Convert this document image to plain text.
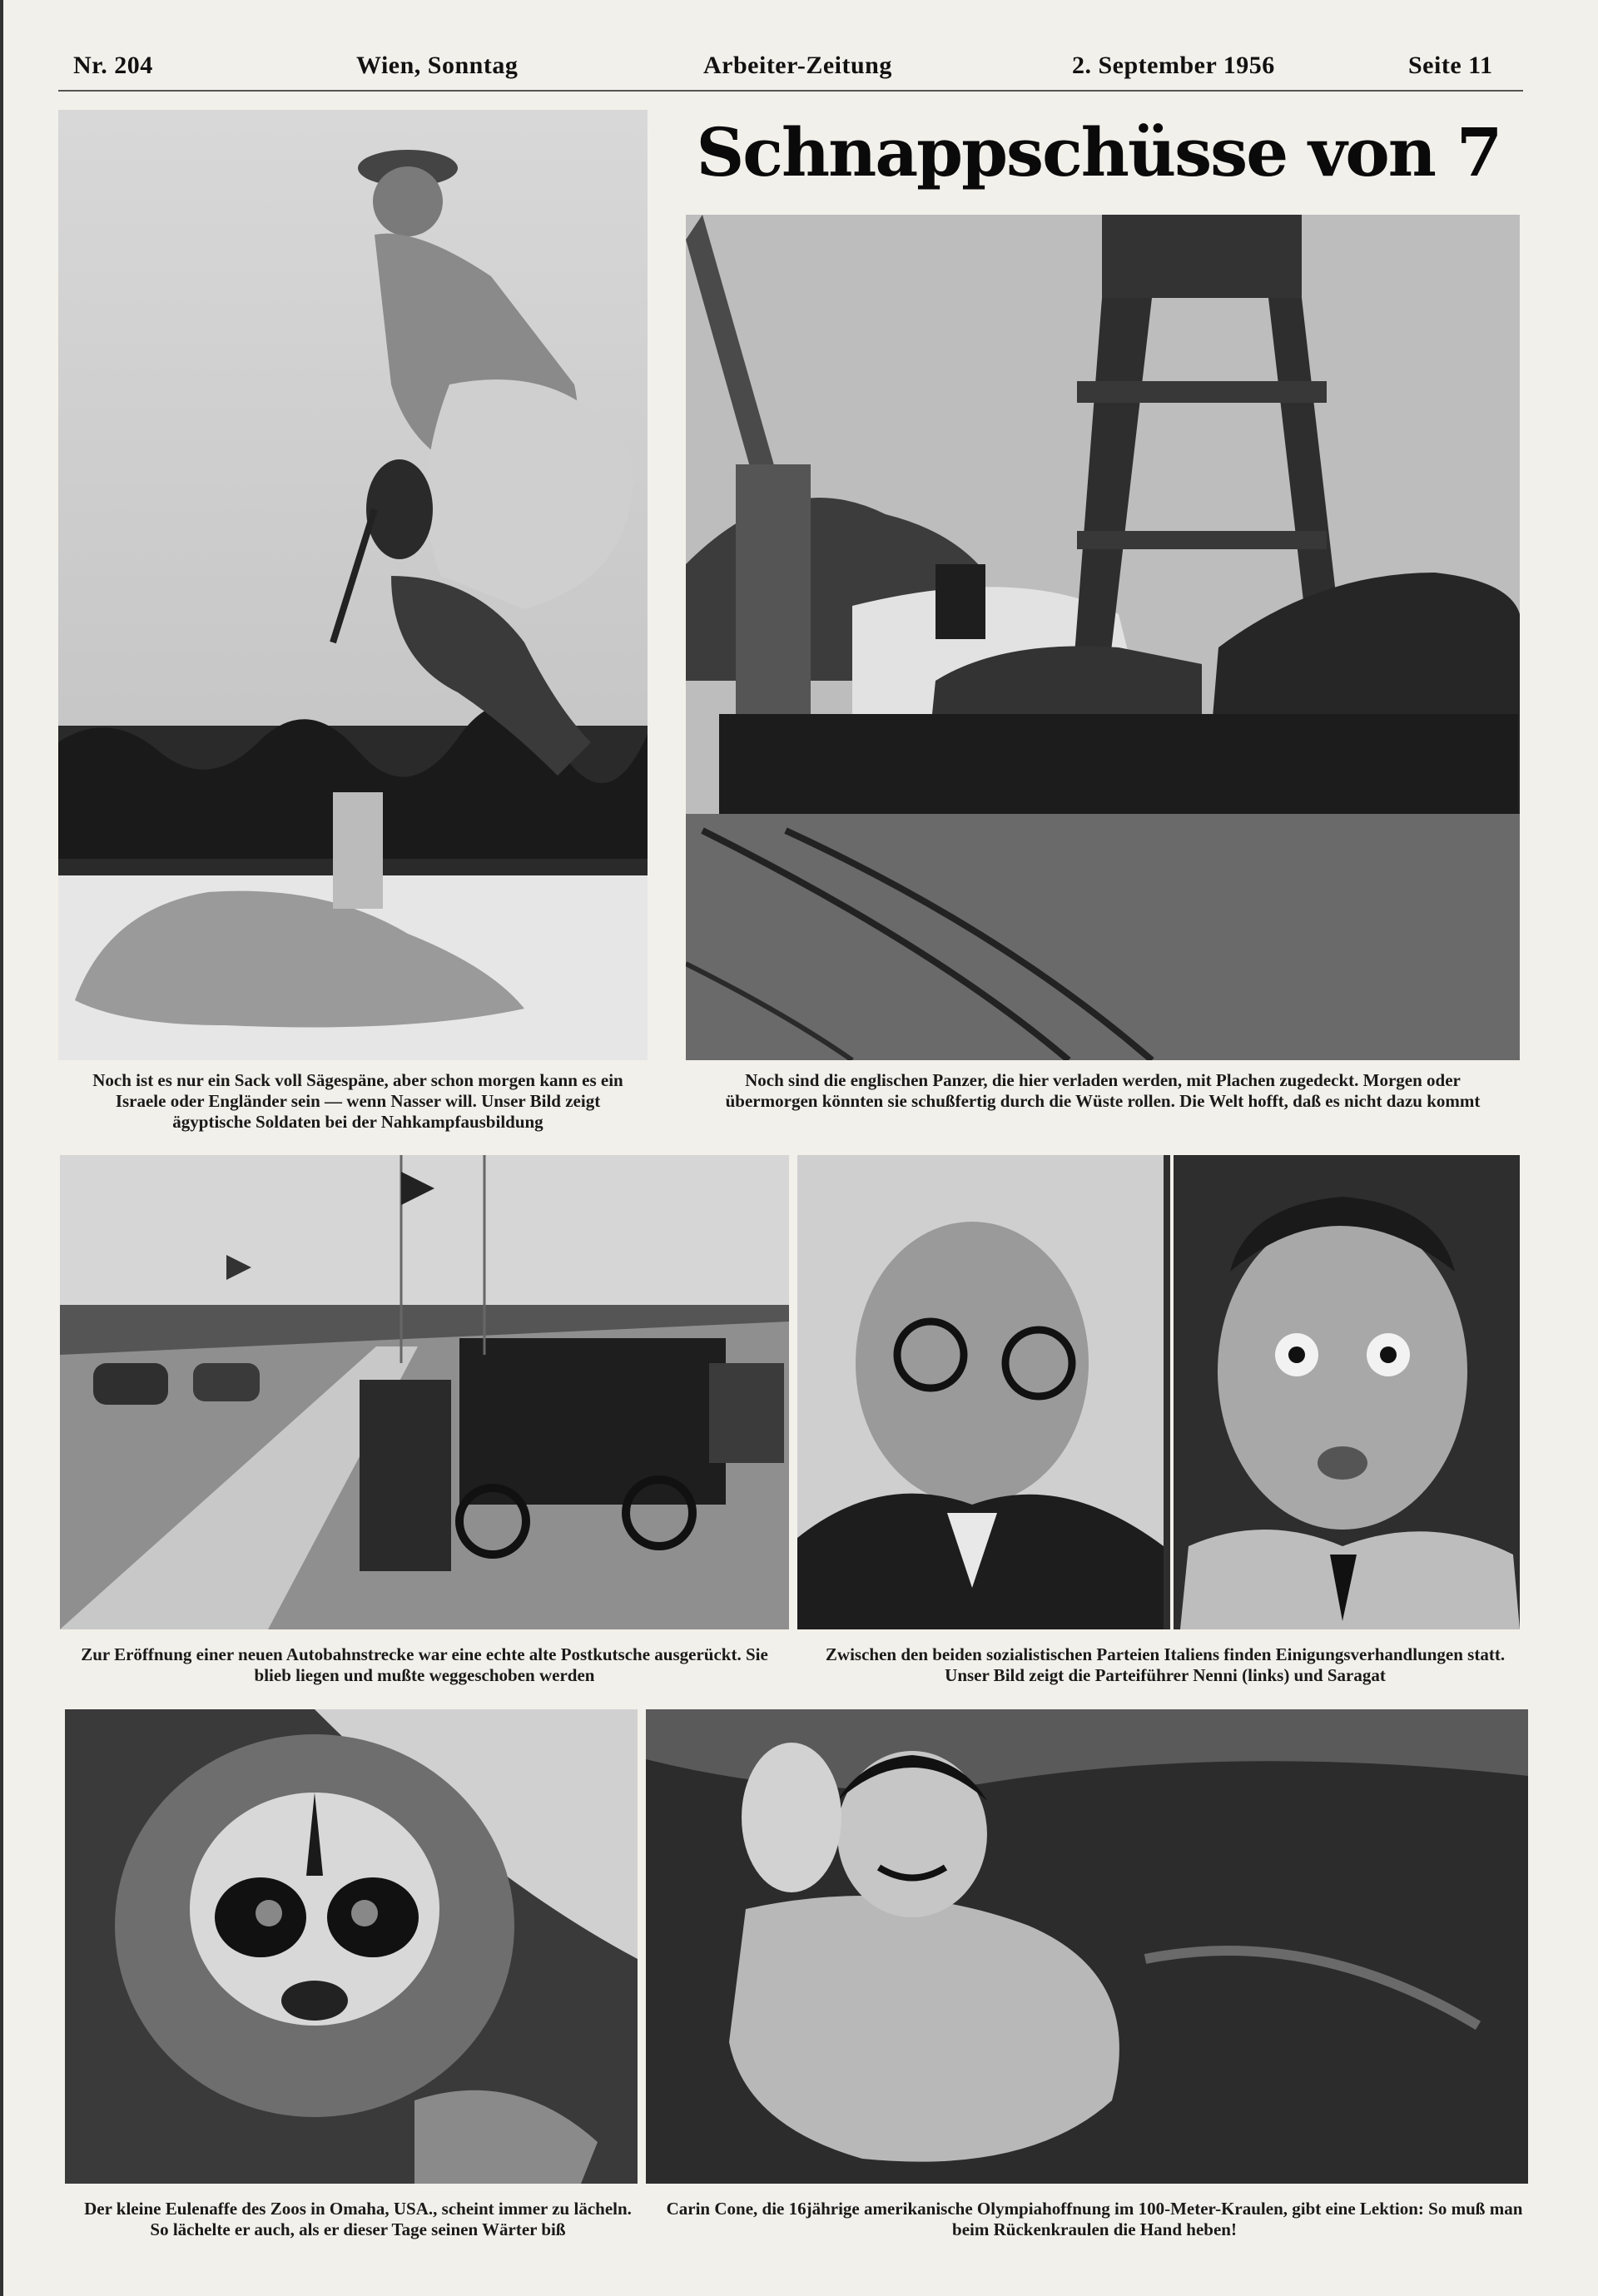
Nr. 204	Wien, Sonntag	Arbeiter-Zeitung	2. September 1956	Seite 11
Schnappschüsse von 7
Noch ist es nur ein Sack voll Sägespäne, aber schon morgen kann es ein Israele oder Engländer sein — wenn Nasser will. Unser Bild zeigt ägyptische Soldaten bei der Nahkampfausbildung
Noch sind die englischen Panzer, die hier verladen werden, mit Plachen zugedeckt. Morgen oder übermorgen könnten sie schußfertig durch die Wüste rollen. Die Welt hofft, daß es nicht dazu kommt
Zur Eröffnung einer neuen Autobahnstrecke war eine echte alte Postkutsche ausgerückt. Sie blieb liegen und mußte weggeschoben werden
Zwischen den beiden sozialistischen Parteien Italiens finden Einigungsverhandlungen statt. Unser Bild zeigt die Parteiführer Nenni (links) und Saragat
Der kleine Eulenaffe des Zoos in Omaha, USA., scheint immer zu lächeln. So lächelte er auch, als er dieser Tage seinen Wärter biß
Carin Cone, die 16jährige amerikanische Olympiahoffnung im 100-Meter-Kraulen, gibt eine Lektion: So muß man beim Rückenkraulen die Hand heben!
